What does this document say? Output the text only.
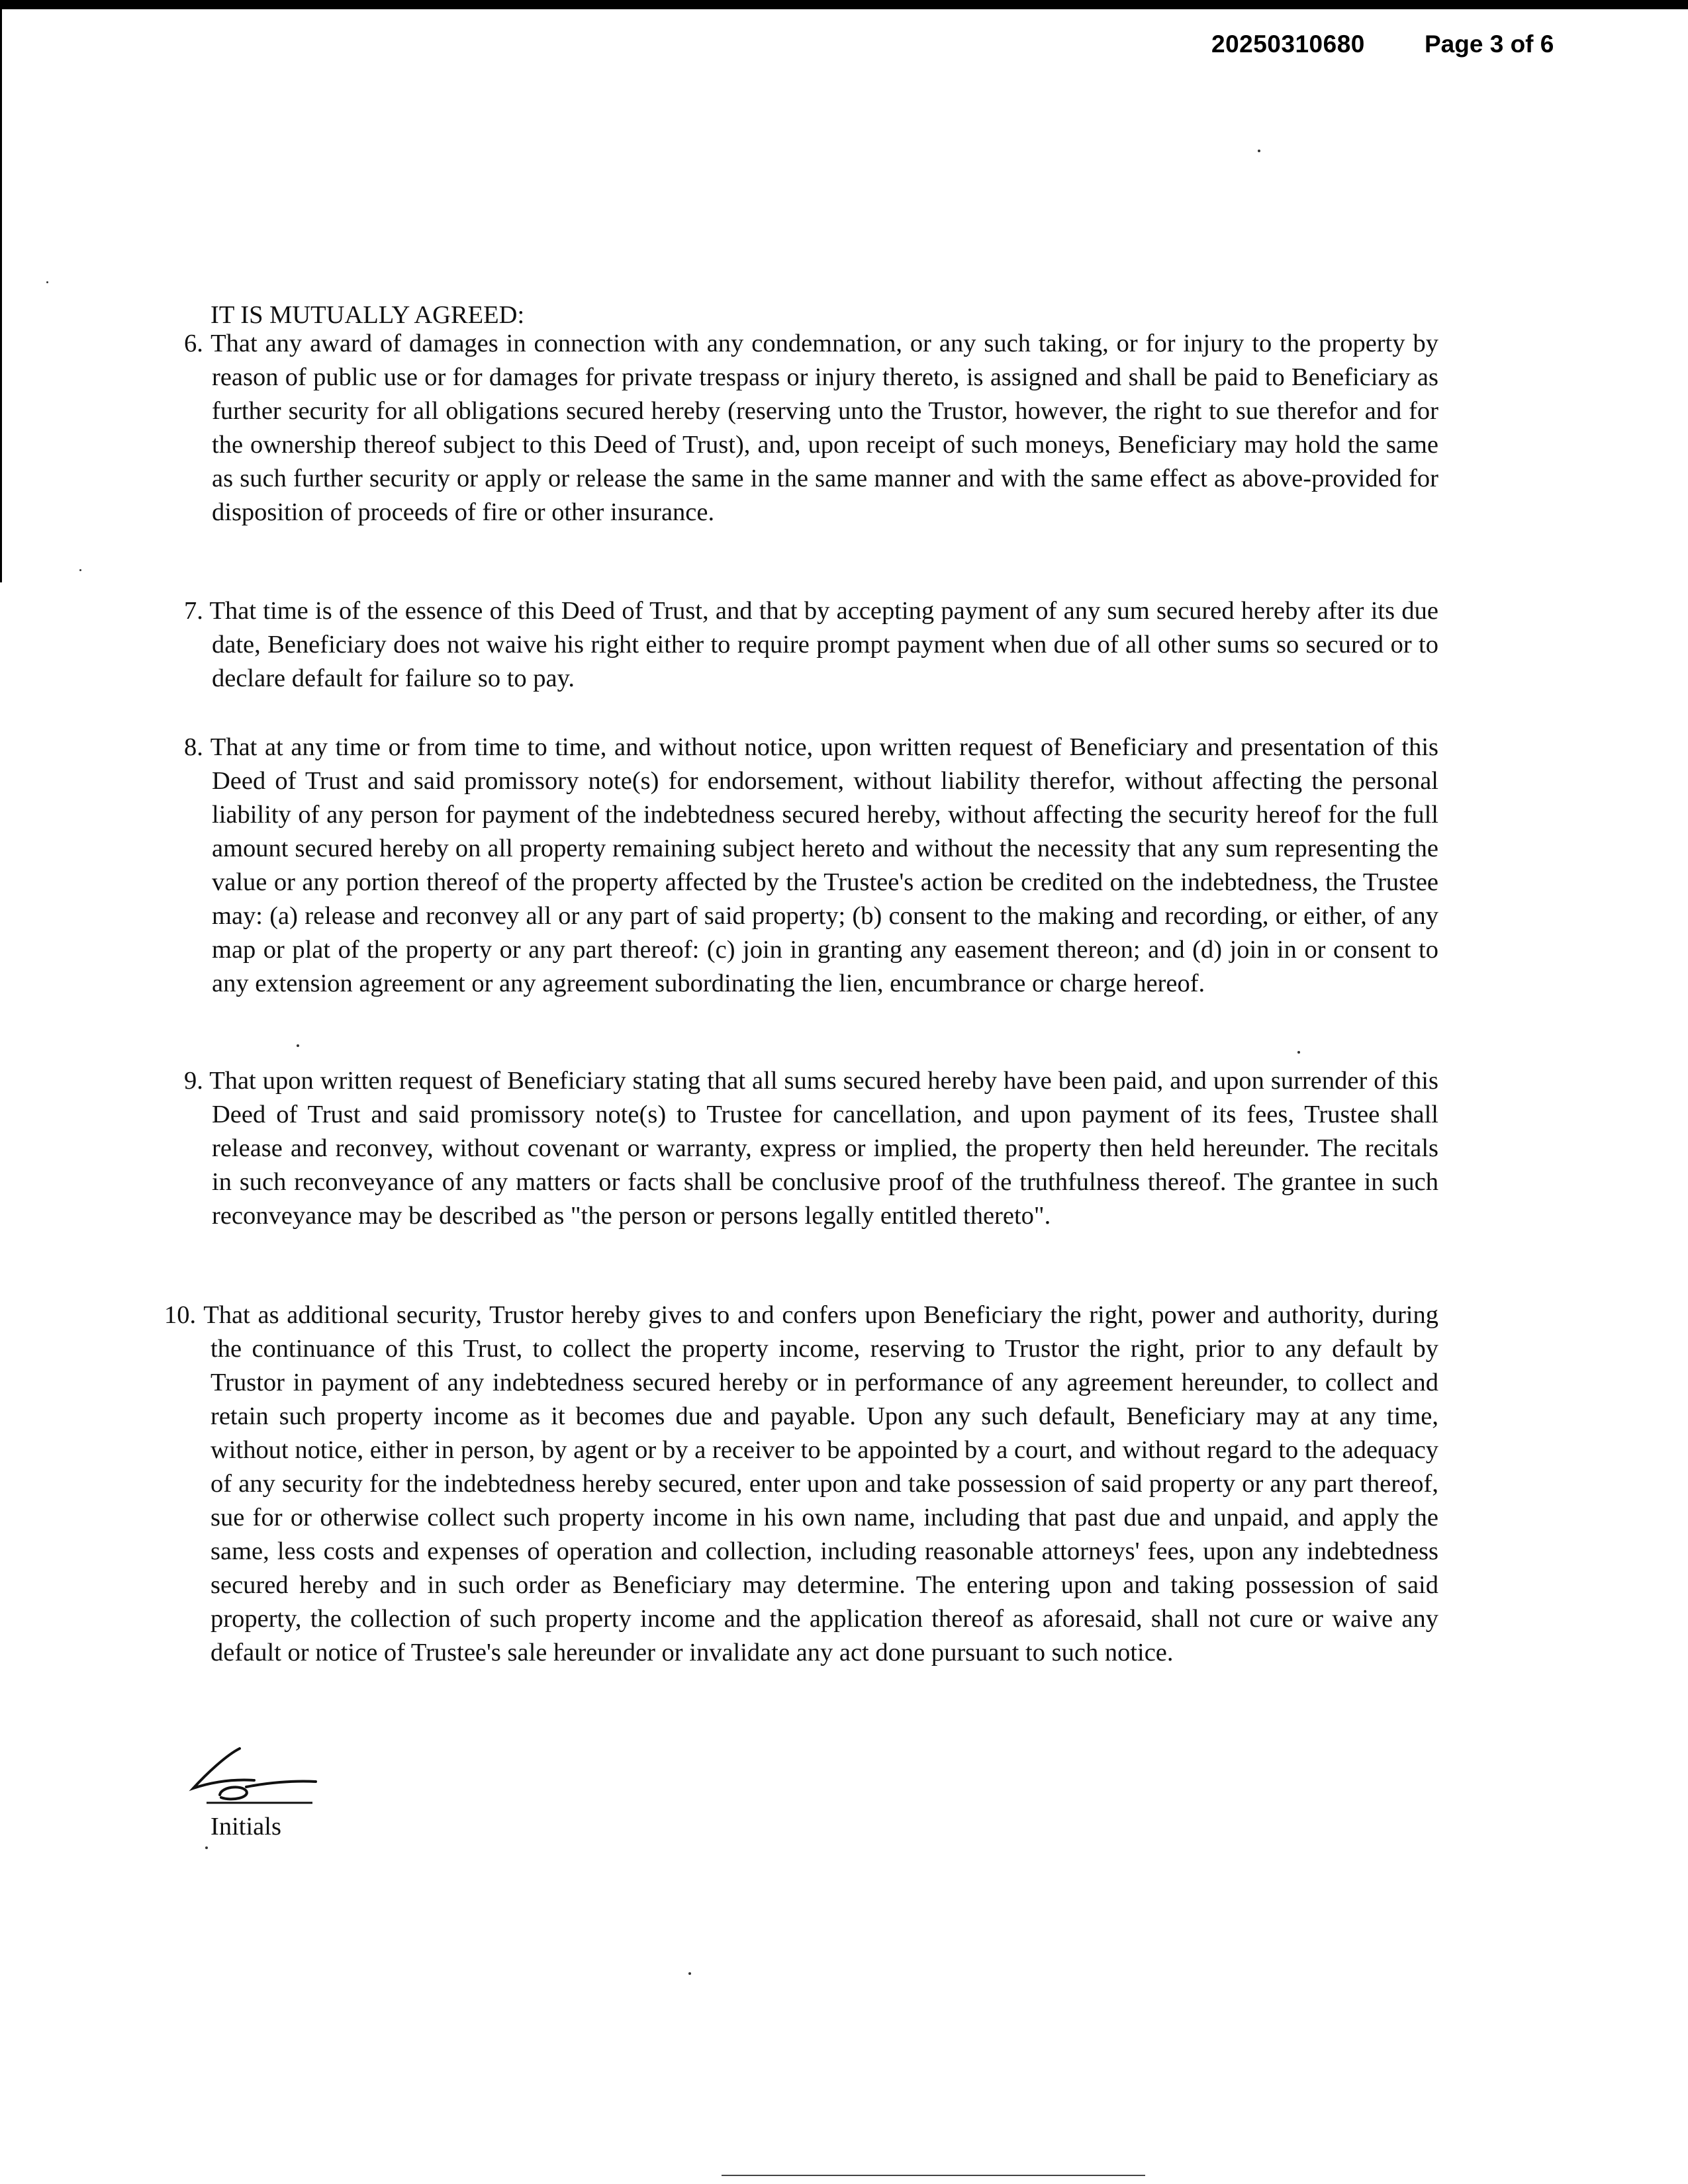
20250310680 Page 3 of 6
IT IS MUTUALLY AGREED:
6. That any award of damages in connection with any condemnation, or any such taking, or for injury to the property by reason of public use or for damages for private trespass or injury thereto, is assigned and shall be paid to Beneficiary as further security for all obligations secured hereby (reserving unto the Trustor, however, the right to sue therefor and for the ownership thereof subject to this Deed of Trust), and, upon receipt of such moneys, Beneficiary may hold the same as such further security or apply or release the same in the same manner and with the same effect as above-provided for disposition of proceeds of fire or other insurance.
7. That time is of the essence of this Deed of Trust, and that by accepting payment of any sum secured hereby after its due date, Beneficiary does not waive his right either to require prompt payment when due of all other sums so secured or to declare default for failure so to pay.
8. That at any time or from time to time, and without notice, upon written request of Beneficiary and presentation of this Deed of Trust and said promissory note(s) for endorsement, without liability therefor, without affecting the personal liability of any person for payment of the indebtedness secured hereby, without affecting the security hereof for the full amount secured hereby on all property remaining subject hereto and without the necessity that any sum representing the value or any portion thereof of the property affected by the Trustee's action be credited on the indebtedness, the Trustee may: (a) release and reconvey all or any part of said property; (b) consent to the making and recording, or either, of any map or plat of the property or any part thereof: (c) join in granting any easement thereon; and (d) join in or consent to any extension agreement or any agreement subordinating the lien, encumbrance or charge hereof.
9. That upon written request of Beneficiary stating that all sums secured hereby have been paid, and upon surrender of this Deed of Trust and said promissory note(s) to Trustee for cancellation, and upon payment of its fees, Trustee shall release and reconvey, without covenant or warranty, express or implied, the property then held hereunder. The recitals in such reconveyance of any matters or facts shall be conclusive proof of the truthfulness thereof. The grantee in such reconveyance may be described as "the person or persons legally entitled thereto".
10. That as additional security, Trustor hereby gives to and confers upon Beneficiary the right, power and authority, during the continuance of this Trust, to collect the property income, reserving to Trustor the right, prior to any default by Trustor in payment of any indebtedness secured hereby or in performance of any agreement hereunder, to collect and retain such property income as it becomes due and payable. Upon any such default, Beneficiary may at any time, without notice, either in person, by agent or by a receiver to be appointed by a court, and without regard to the adequacy of any security for the indebtedness hereby secured, enter upon and take possession of said property or any part thereof, sue for or otherwise collect such property income in his own name, including that past due and unpaid, and apply the same, less costs and expenses of operation and collection, including reasonable attorneys' fees, upon any indebtedness secured hereby and in such order as Beneficiary may determine. The entering upon and taking possession of said property, the collection of such property income and the application thereof as aforesaid, shall not cure or waive any default or notice of Trustee's sale hereunder or invalidate any act done pursuant to such notice.
Initials
